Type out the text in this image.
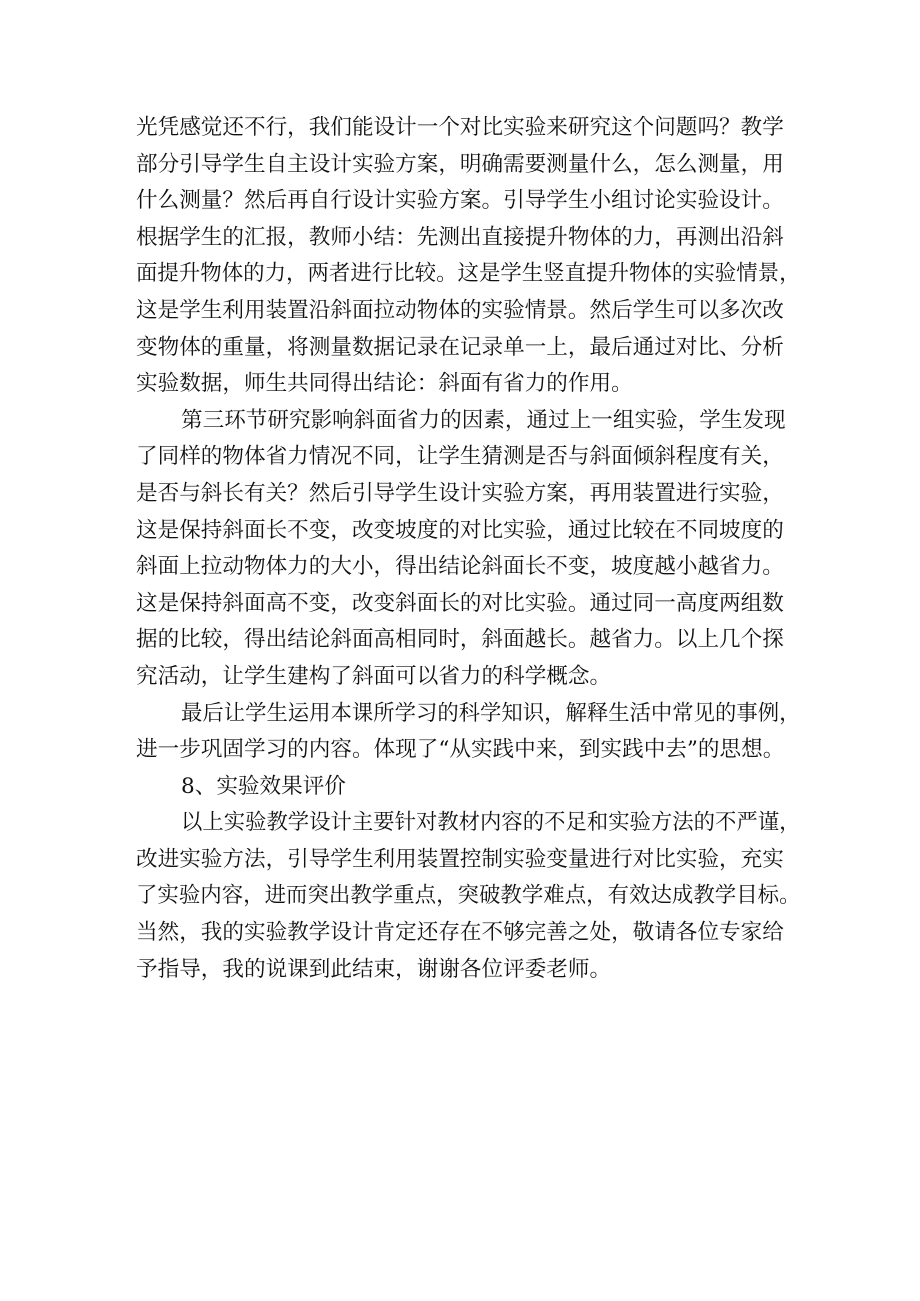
光凭感觉还不行，我们能设计一个对比实验来研究这个问题吗？教学
部分引导学生自主设计实验方案，明确需要测量什么，怎么测量，用
什么测量？然后再自行设计实验方案。引导学生小组讨论实验设计。
根据学生的汇报，教师小结：先测出直接提升物体的力，再测出沿斜
面提升物体的力，两者进行比较。这是学生竖直提升物体的实验情景，
这是学生利用装置沿斜面拉动物体的实验情景。然后学生可以多次改
变物体的重量，将测量数据记录在记录单一上，最后通过对比、分析
实验数据，师生共同得出结论：斜面有省力的作用。
第三环节研究影响斜面省力的因素，通过上一组实验，学生发现
了同样的物体省力情况不同，让学生猜测是否与斜面倾斜程度有关，
是否与斜长有关？然后引导学生设计实验方案，再用装置进行实验，
这是保持斜面长不变，改变坡度的对比实验，通过比较在不同坡度的
斜面上拉动物体力的大小，得出结论斜面长不变，坡度越小越省力。
这是保持斜面高不变，改变斜面长的对比实验。通过同一高度两组数
据的比较，得出结论斜面高相同时，斜面越长。越省力。以上几个探
究活动，让学生建构了斜面可以省力的科学概念。
最后让学生运用本课所学习的科学知识，解释生活中常见的事例，
进一步巩固学习的内容。体现了“从实践中来，到实践中去”的思想。
8、实验效果评价
以上实验教学设计主要针对教材内容的不足和实验方法的不严谨，
改进实验方法，引导学生利用装置控制实验变量进行对比实验，充实
了实验内容，进而突出教学重点，突破教学难点，有效达成教学目标。
当然，我的实验教学设计肯定还存在不够完善之处，敬请各位专家给
予指导，我的说课到此结束，谢谢各位评委老师。
